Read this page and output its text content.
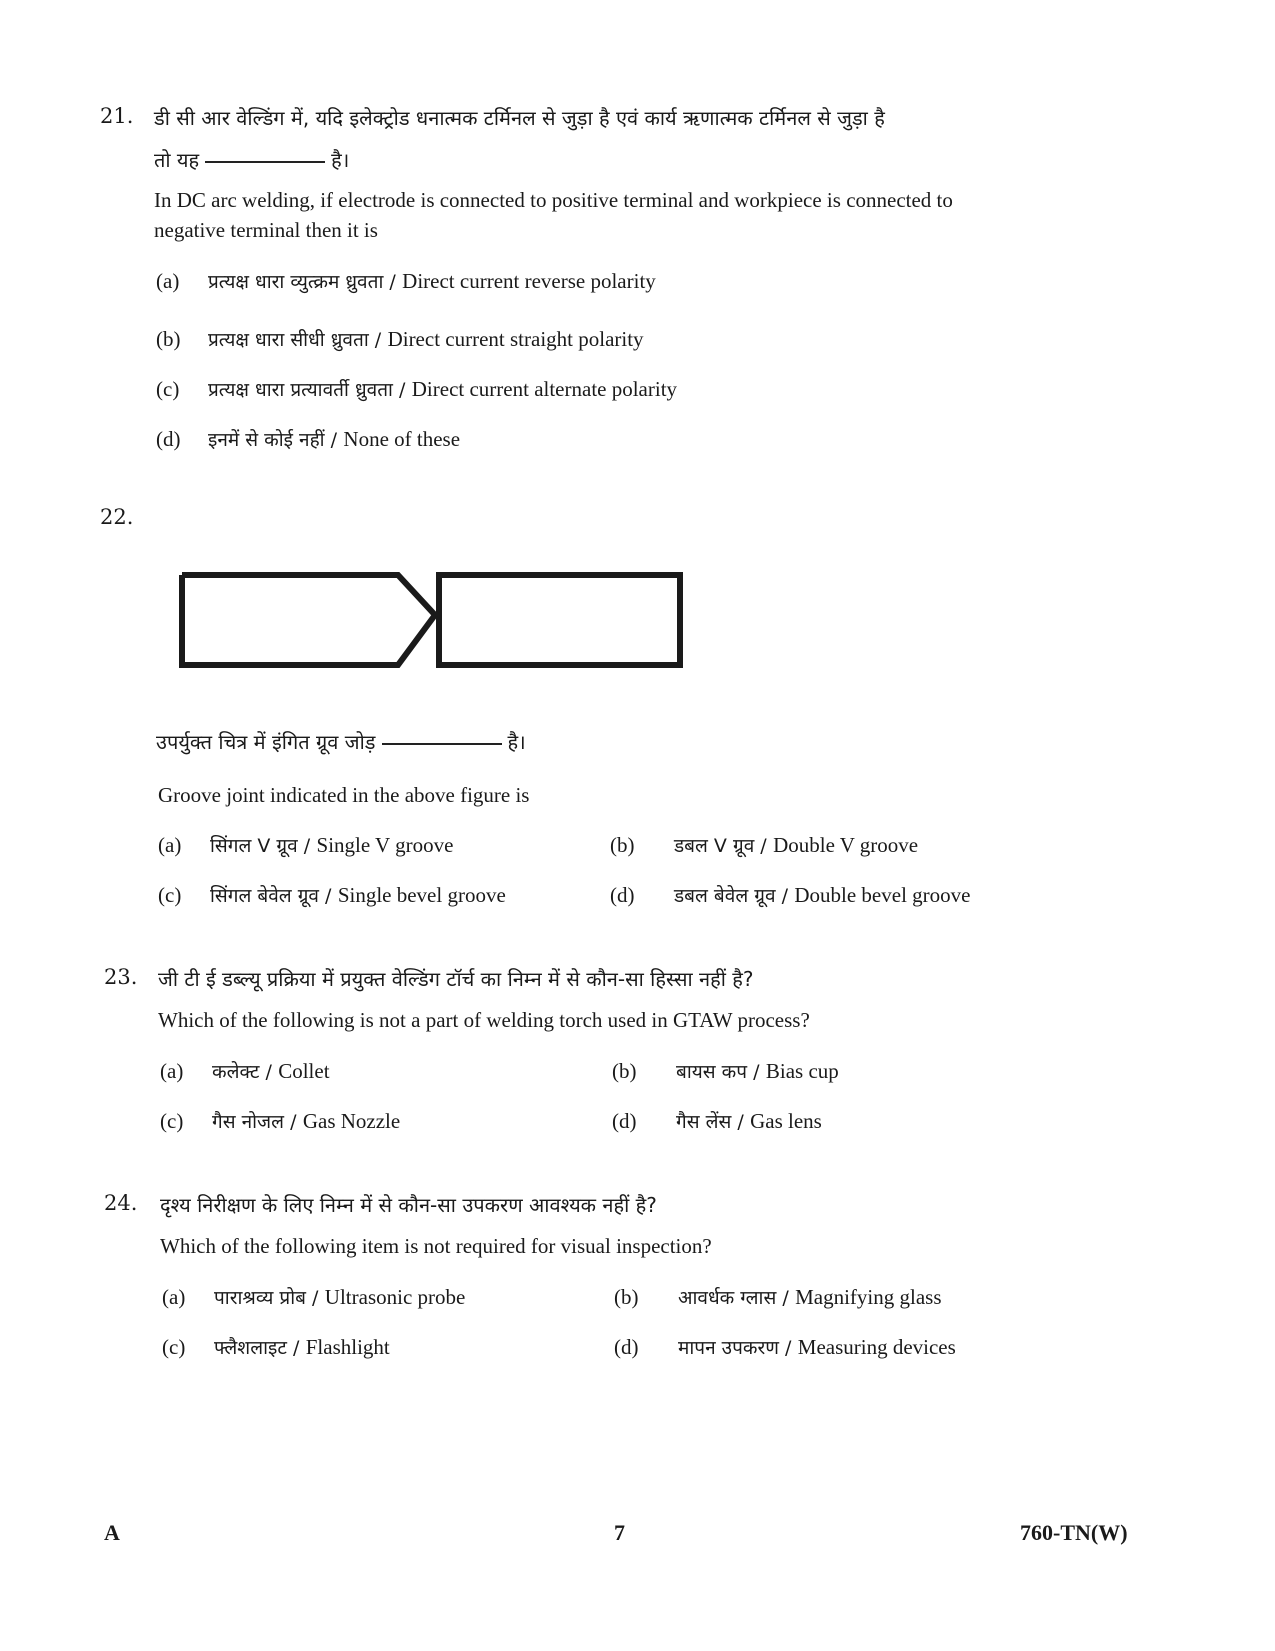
21. डी सी आर वेल्डिंग में, यदि इलेक्ट्रोड धनात्मक टर्मिनल से जुड़ा है एवं कार्य ऋणात्मक टर्मिनल से जुड़ा है
तो यह	है।
In DC arc welding, if electrode is connected to positive terminal and workpiece is connected to
negative terminal then it is
(a) प्रत्यक्ष धारा व्युत्क्रम ध्रुवता / Direct current reverse polarity
(b) प्रत्यक्ष धारा सीधी ध्रुवता / Direct current straight polarity
(c) प्रत्यक्ष धारा प्रत्यावर्ती ध्रुवता / Direct current alternate polarity
(d) इनमें से कोई नहीं / None of these
22.
उपर्युक्त चित्र में इंगित ग्रूव जोड़	है।
Groove joint indicated in the above figure is
(a) सिंगल V ग्रूव / Single V groove	(b) डबल V ग्रूव / Double V groove
(c) सिंगल बेवेल ग्रूव / Single bevel groove	(d) डबल बेवेल ग्रूव / Double bevel groove
23. जी टी ई डब्ल्यू प्रक्रिया में प्रयुक्त वेल्डिंग टॉर्च का निम्न में से कौन-सा हिस्सा नहीं है?
Which of the following is not a part of welding torch used in GTAW process?
(a) कलेक्ट / Collet	(b) बायस कप / Bias cup
(c) गैस नोजल / Gas Nozzle	(d) गैस लेंस / Gas lens
24. दृश्य निरीक्षण के लिए निम्न में से कौन-सा उपकरण आवश्यक नहीं है?
Which of the following item is not required for visual inspection?
(a) पाराश्रव्य प्रोब / Ultrasonic probe	(b) आवर्धक ग्लास / Magnifying glass
(c) फ्लैशलाइट / Flashlight	(d) मापन उपकरण / Measuring devices
A	7	760-TN(W)
